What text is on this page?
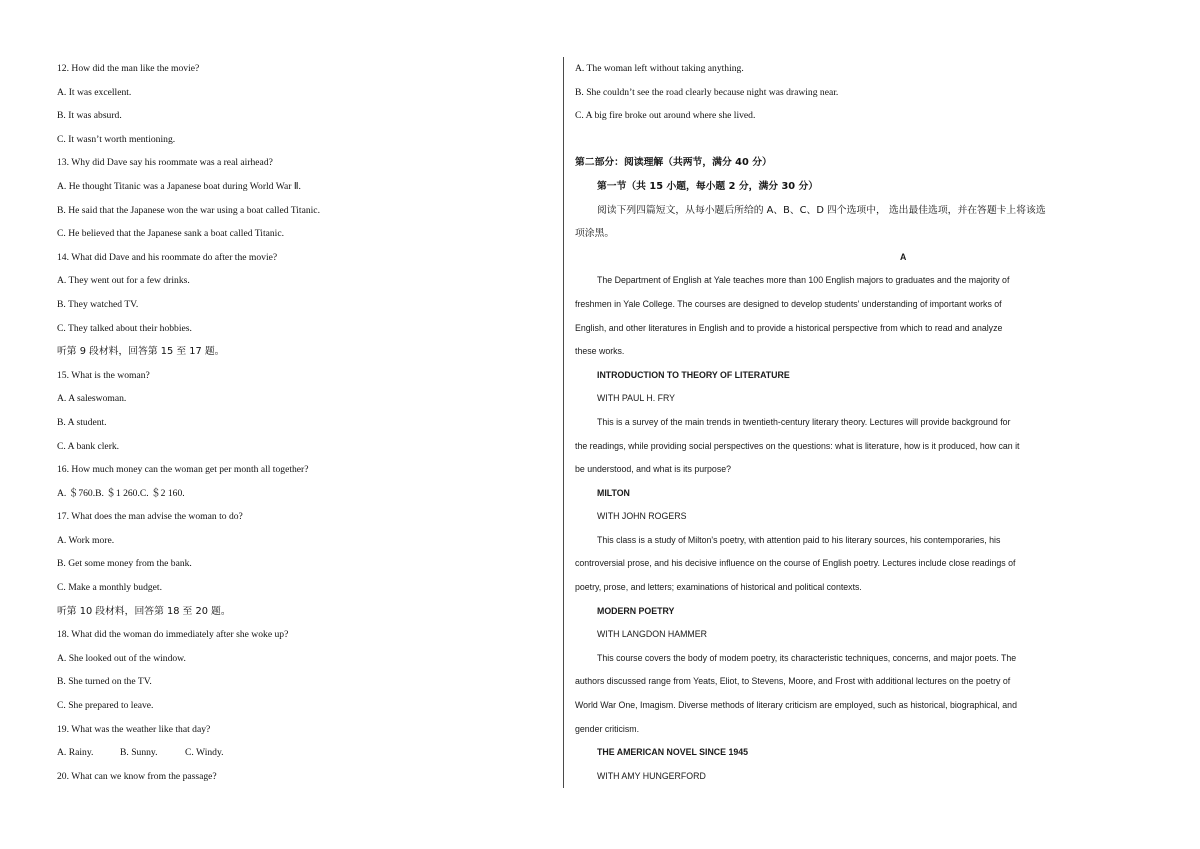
12. How did the man like the movie?
A. It was excellent.
B. It was absurd.
C. It wasn’t worth mentioning.
13. Why did Dave say his roommate was a real airhead?
A. He thought Titanic was a Japanese boat during World War Ⅱ.
B. He said that the Japanese won the war using a boat called Titanic.
C. He believed that the Japanese sank a boat called Titanic.
14. What did Dave and his roommate do after the movie?
A. They went out for a few drinks.
B. They watched TV.
C. They talked about their hobbies.
听第 9 段材料，回答第 15 至 17 题。
15. What is the woman?
A. A saleswoman.
B. A student.
C. A bank clerk.
16. How much money can the woman get per month all together?
A. ＄760.B. ＄1 260.C. ＄2 160.
17. What does the man advise the woman to do?
A. Work more.
B. Get some money from the bank.
C. Make a monthly budget.
听第 10 段材料，回答第 18 至 20 题。
18. What did the woman do immediately after she woke up?
A. She looked out of the window.
B. She turned on the TV.
C. She prepared to leave.
19. What was the weather like that day?
A. Rainy.	B. Sunny.	C. Windy.
20. What can we know from the passage?
A. The woman left without taking anything.
B. She couldn’t see the road clearly because night was drawing near.
C. A big fire broke out around where she lived.
第二部分：阅读理解（共两节，满分 40 分）
第一节（共 15 小题，每小题 2 分，满分 30 分）
阅读下列四篇短文，从每小题后所给的 A、B、C、D 四个选项中， 选出最佳选项，并在答题卡上将该选
项涂黑。
A
The Department of English at Yale teaches more than 100 English majors to graduates and the majority of
freshmen in Yale College. The courses are designed to develop students' understanding of important works of
English, and other literatures in English and to provide a historical perspective from which to read and analyze
these works.
INTRODUCTION TO THEORY OF LITERATURE
WITH PAUL H. FRY
This is a survey of the main trends in twentieth-century literary theory. Lectures will provide background for
the readings, while providing social perspectives on the questions: what is literature, how is it produced, how can it
be understood, and what is its purpose?
MILTON
WITH JOHN ROGERS
This class is a study of Milton's poetry, with attention paid to his literary sources, his contemporaries, his
controversial prose, and his decisive influence on the course of English poetry. Lectures include close readings of
poetry, prose, and letters; examinations of historical and political contexts.
MODERN POETRY
WITH LANGDON HAMMER
This course covers the body of modem poetry, its characteristic techniques, concerns, and major poets. The
authors discussed range from Yeats, Eliot, to Stevens, Moore, and Frost with additional lectures on the poetry of
World War One, Imagism. Diverse methods of literary criticism are employed, such as historical, biographical, and
gender criticism.
THE AMERICAN NOVEL SINCE 1945
WITH AMY HUNGERFORD
